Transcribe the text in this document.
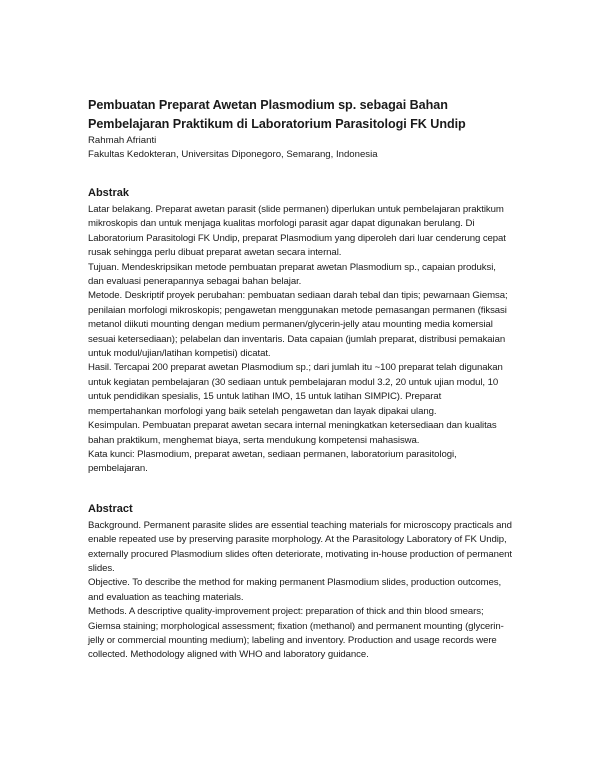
Pembuatan Preparat Awetan Plasmodium sp. sebagai Bahan

Pembelajaran Praktikum di Laboratorium Parasitologi FK Undip

Rahmah Afrianti

Fakultas Kedokteran, Universitas Diponegoro, Semarang, Indonesia

Abstrak

Latar belakang. Preparat awetan parasit (slide permanen) diperlukan untuk pembelajaran praktikum mikroskopis dan untuk menjaga kualitas morfologi parasit agar dapat digunakan berulang. Di Laboratorium Parasitologi FK Undip, preparat Plasmodium yang diperoleh dari luar cenderung cepat rusak sehingga perlu dibuat preparat awetan secara internal.

Tujuan. Mendeskripsikan metode pembuatan preparat awetan Plasmodium sp., capaian produksi, dan evaluasi penerapannya sebagai bahan belajar.

Metode. Deskriptif proyek perubahan: pembuatan sediaan darah tebal dan tipis; pewarnaan Giemsa; penilaian morfologi mikroskopis; pengawetan menggunakan metode pemasangan permanen (fiksasi metanol diikuti mounting dengan medium permanen/glycerin-jelly atau mounting media komersial sesuai ketersediaan); pelabelan dan inventaris. Data capaian (jumlah preparat, distribusi pemakaian untuk modul/ujian/latihan kompetisi) dicatat.

Hasil. Tercapai 200 preparat awetan Plasmodium sp.; dari jumlah itu ~100 preparat telah digunakan untuk kegiatan pembelajaran (30 sediaan untuk pembelajaran modul 3.2, 20 untuk ujian modul, 10 untuk pendidikan spesialis, 15 untuk latihan IMO, 15 untuk latihan SIMPIC). Preparat mempertahankan morfologi yang baik setelah pengawetan dan layak dipakai ulang.

Kesimpulan. Pembuatan preparat awetan secara internal meningkatkan ketersediaan dan kualitas bahan praktikum, menghemat biaya, serta mendukung kompetensi mahasiswa.

Kata kunci: Plasmodium, preparat awetan, sediaan permanen, laboratorium parasitologi, pembelajaran.

Abstract

Background. Permanent parasite slides are essential teaching materials for microscopy practicals and enable repeated use by preserving parasite morphology. At the Parasitology Laboratory of FK Undip, externally procured Plasmodium slides often deteriorate, motivating in-house production of permanent slides.

Objective. To describe the method for making permanent Plasmodium slides, production outcomes, and evaluation as teaching materials.

Methods. A descriptive quality-improvement project: preparation of thick and thin blood smears; Giemsa staining; morphological assessment; fixation (methanol) and permanent mounting (glycerin-jelly or commercial mounting medium); labeling and inventory. Production and usage records were collected. Methodology aligned with WHO and laboratory guidance.
